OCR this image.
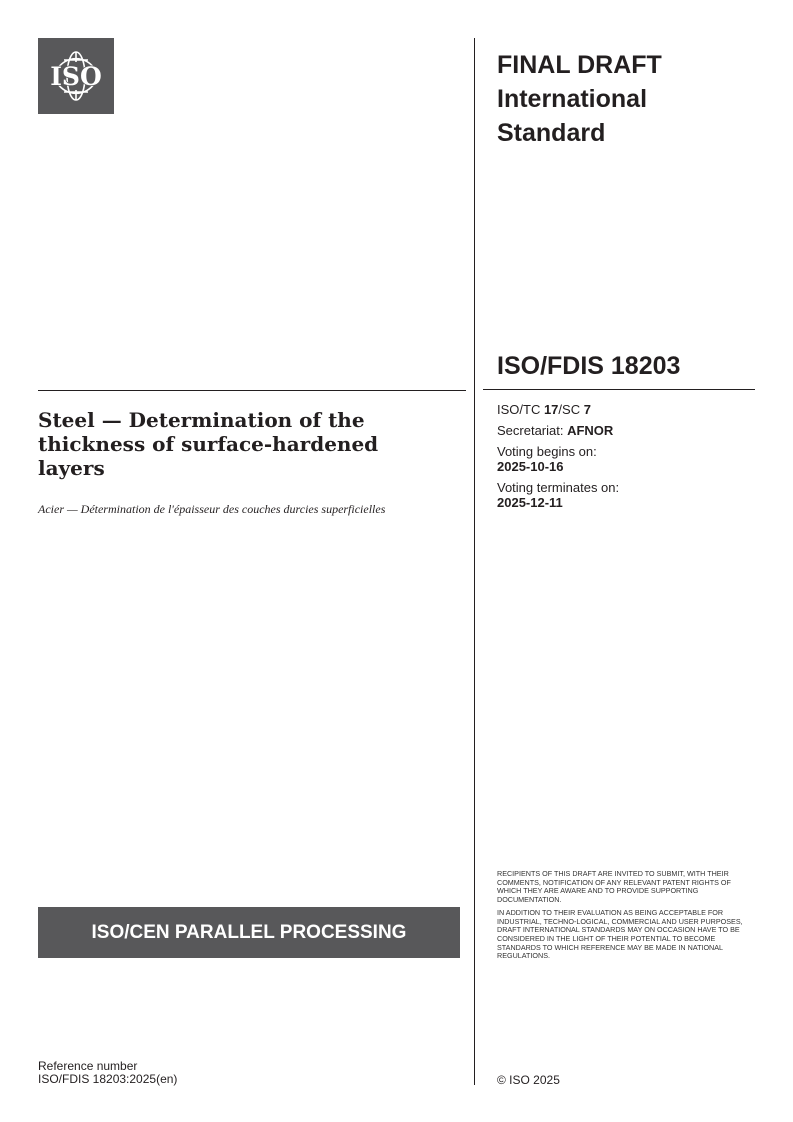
ISO	FINAL DRAFT
International
Standard
ISO/FDIS 18203
ISO/TC 17/SC 7
Secretariat: AFNOR
Voting begins on:
2025-10-16
Voting terminates on:
2025-12-11
Steel — Determination of the thickness of surface-hardened layers
Acier — Détermination de l'épaisseur des couches durcies superficielles
ISO/CEN PARALLEL PROCESSING

RECIPIENTS OF THIS DRAFT ARE INVITED TO SUBMIT, WITH THEIR COMMENTS, NOTIFICATION OF ANY RELEVANT PATENT RIGHTS OF WHICH THEY ARE AWARE AND TO PROVIDE SUPPORTING DOCUMENTATION.

IN ADDITION TO THEIR EVALUATION AS BEING ACCEPTABLE FOR INDUSTRIAL, TECHNO-LOGICAL, COMMERCIAL AND USER PURPOSES, DRAFT INTERNATIONAL STANDARDS MAY ON OCCASION HAVE TO BE CONSIDERED IN THE LIGHT OF THEIR POTENTIAL TO BECOME STANDARDS TO WHICH REFERENCE MAY BE MADE IN NATIONAL REGULATIONS.

Reference number
ISO/FDIS 18203:2025(en)	© ISO 2025
